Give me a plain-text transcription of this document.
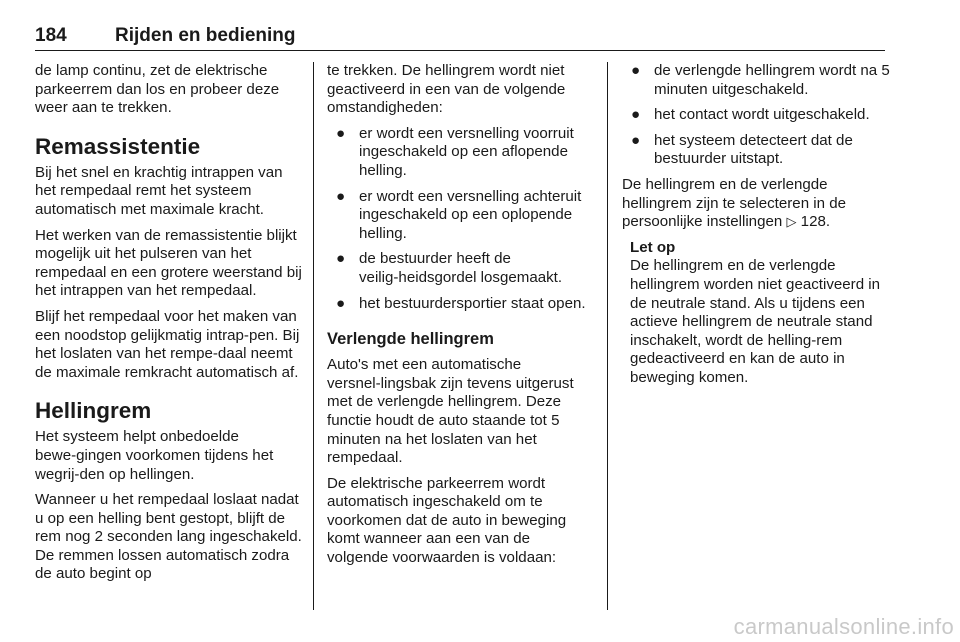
184	Rijden en bediening

de lamp continu, zet de elektrische parkeerrem dan los en probeer deze weer aan te trekken.

Remassistentie

Bij het snel en krachtig intrappen van het rempedaal remt het systeem automatisch met maximale kracht.

Het werken van de remassistentie blijkt mogelijk uit het pulseren van het rempedaal en een grotere weerstand bij het intrappen van het rempedaal.

Blijf het rempedaal voor het maken van een noodstop gelijkmatig intrap‑pen. Bij het loslaten van het rempe‑daal neemt de maximale remkracht automatisch af.

Hellingrem

Het systeem helpt onbedoelde bewe‑gingen voorkomen tijdens het wegrij‑den op hellingen.

Wanneer u het rempedaal loslaat nadat u op een helling bent gestopt, blijft de rem nog 2 seconden lang ingeschakeld. De remmen lossen automatisch zodra de auto begint op

te trekken. De hellingrem wordt niet geactiveerd in een van de volgende omstandigheden:

● er wordt een versnelling voorruit ingeschakeld op een aflopende helling.
● er wordt een versnelling achteruit ingeschakeld op een oplopende helling.
● de bestuurder heeft de veilig‑heidsgordel losgemaakt.
● het bestuurdersportier staat open.
Verlengde hellingrem

Auto's met een automatische versnel‑lingsbak zijn tevens uitgerust met de verlengde hellingrem. Deze functie houdt de auto staande tot 5 minuten na het loslaten van het rempedaal.

De elektrische parkeerrem wordt automatisch ingeschakeld om te voorkomen dat de auto in beweging komt wanneer aan een van de volgende voorwaarden is voldaan:

● de verlengde hellingrem wordt na 5 minuten uitgeschakeld.
● het contact wordt uitgeschakeld.
● het systeem detecteert dat de bestuurder uitstapt.

De hellingrem en de verlengde hellingrem zijn te selecteren in de persoonlijke instellingen ▷ 128.

Let op
De hellingrem en de verlengde hellingrem worden niet geactiveerd in de neutrale stand. Als u tijdens een actieve hellingrem de neutrale stand inschakelt, wordt de helling‑rem gedeactiveerd en kan de auto in beweging komen.
carmanualsonline.info
